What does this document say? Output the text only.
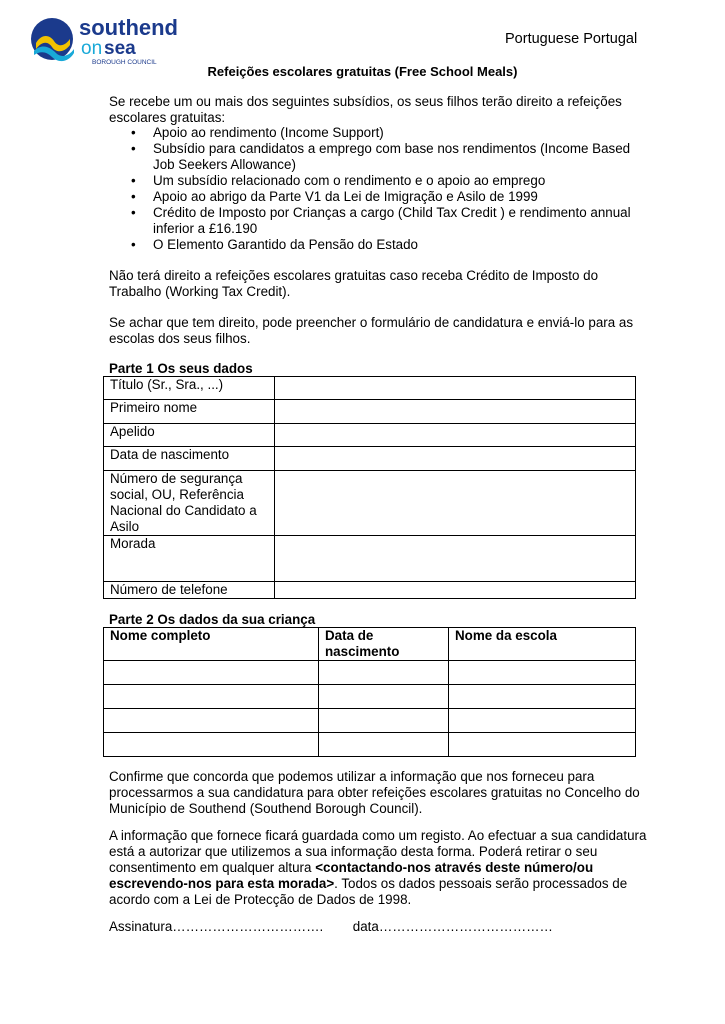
southend
on sea
BOROUGH COUNCIL
Portuguese Portugal
Refeições escolares gratuitas (Free School Meals)
Se recebe um ou mais dos seguintes subsídios, os seus filhos terão direito a refeições escolares gratuitas:
• Apoio ao rendimento (Income Support)
• Subsídio para candidatos a emprego com base nos rendimentos (Income Based Job Seekers Allowance)
• Um subsídio relacionado com o rendimento e o apoio ao emprego
• Apoio ao abrigo da Parte V1 da Lei de Imigração e Asilo de 1999
• Crédito de Imposto por Crianças a cargo (Child Tax Credit ) e rendimento annual inferior a £16.190
• O Elemento Garantido da Pensão do Estado
Não terá direito a refeições escolares gratuitas caso receba Crédito de Imposto do Trabalho (Working Tax Credit).
Se achar que tem direito, pode preencher o formulário de candidatura e enviá-lo para as escolas dos seus filhos.
Parte 1 Os seus dados
Título (Sr., Sra., ...)	
Primeiro nome	
Apelido	
Data de nascimento	
Número de segurança social, OU, Referência Nacional do Candidato a Asilo	
Morada	
Número de telefone	
Parte 2 Os dados da sua criança
Nome completo	Data de nascimento	Nome da escola

Confirme que concorda que podemos utilizar a informação que nos forneceu para processarmos a sua candidatura para obter refeições escolares gratuitas no Concelho do Município de Southend (Southend Borough Council).
A informação que fornece ficará guardada como um registo. Ao efectuar a sua candidatura está a autorizar que utilizemos a sua informação desta forma. Poderá retirar o seu consentimento em qualquer altura <contactando-nos através deste número/ou escrevendo-nos para esta morada>. Todos os dados pessoais serão processados de acordo com a Lei de Protecção de Dados de 1998.
Assinatura……………………………. data…………………………………
